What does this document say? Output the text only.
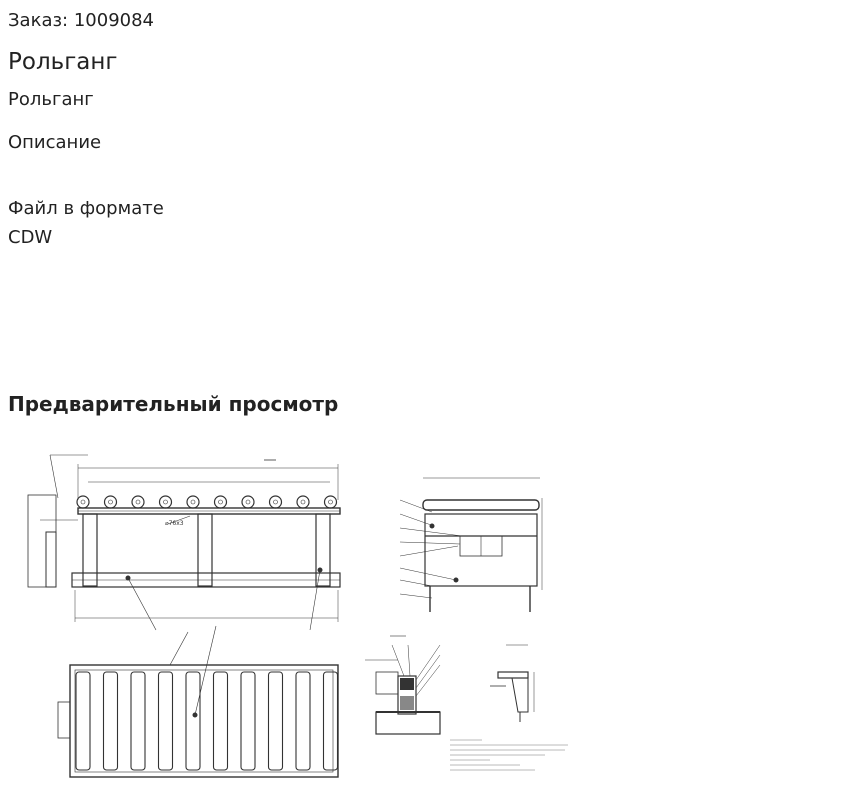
Заказ: 1009084

Рольганг

Рольганг

Описание

Файл в формате CDW

Предварительный просмотр
⌀76х3
